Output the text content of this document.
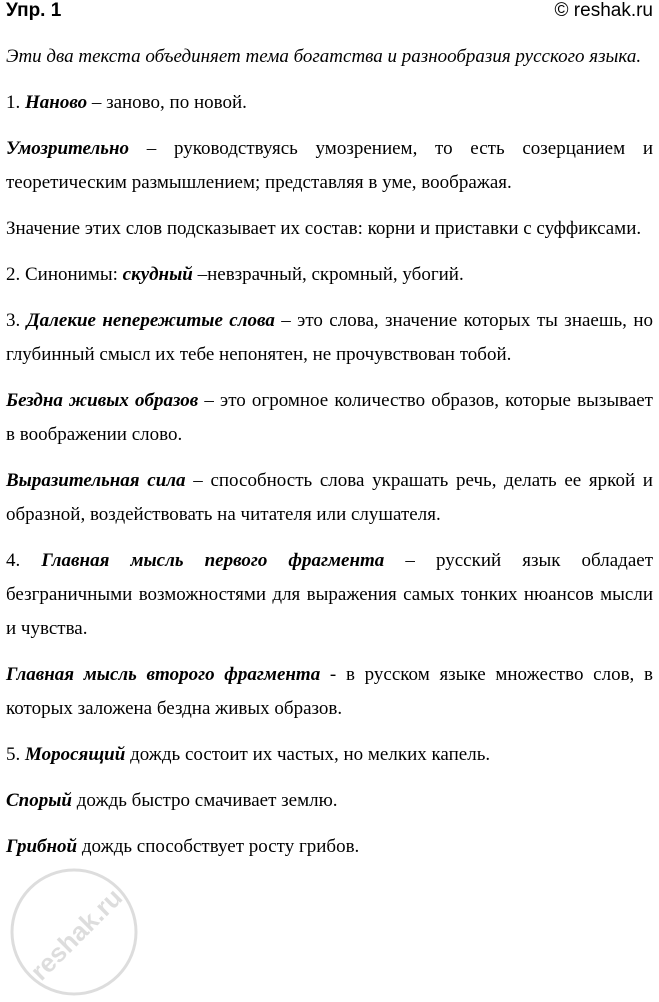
Упр. 1	© reshak.ru

Эти два текста объединяет тема богатства и разнообразия русского языка.

1. Наново – заново, по новой.

Умозрительно – руководствуясь умозрением, то есть созерцанием и теоретическим размышлением; представляя в уме, воображая.

Значение этих слов подсказывает их состав: корни и приставки с суффиксами.

2. Синонимы: скудный –невзрачный, скромный, убогий.

3. Далекие непережитые слова – это слова, значение которых ты знаешь, но глубинный смысл их тебе непонятен, не прочувствован тобой.

Бездна живых образов – это огромное количество образов, которые вызывает в воображении слово.

Выразительная сила – способность слова украшать речь, делать ее яркой и образной, воздействовать на читателя или слушателя.

4. Главная мысль первого фрагмента – русский язык обладает безграничными возможностями для выражения самых тонких нюансов мысли и чувства.

Главная мысль второго фрагмента - в русском языке множество слов, в которых заложена бездна живых образов.

5. Моросящий дождь состоит их частых, но мелких капель.

Спорый дождь быстро смачивает землю.

Грибной дождь способствует росту грибов.

reshak.ru
